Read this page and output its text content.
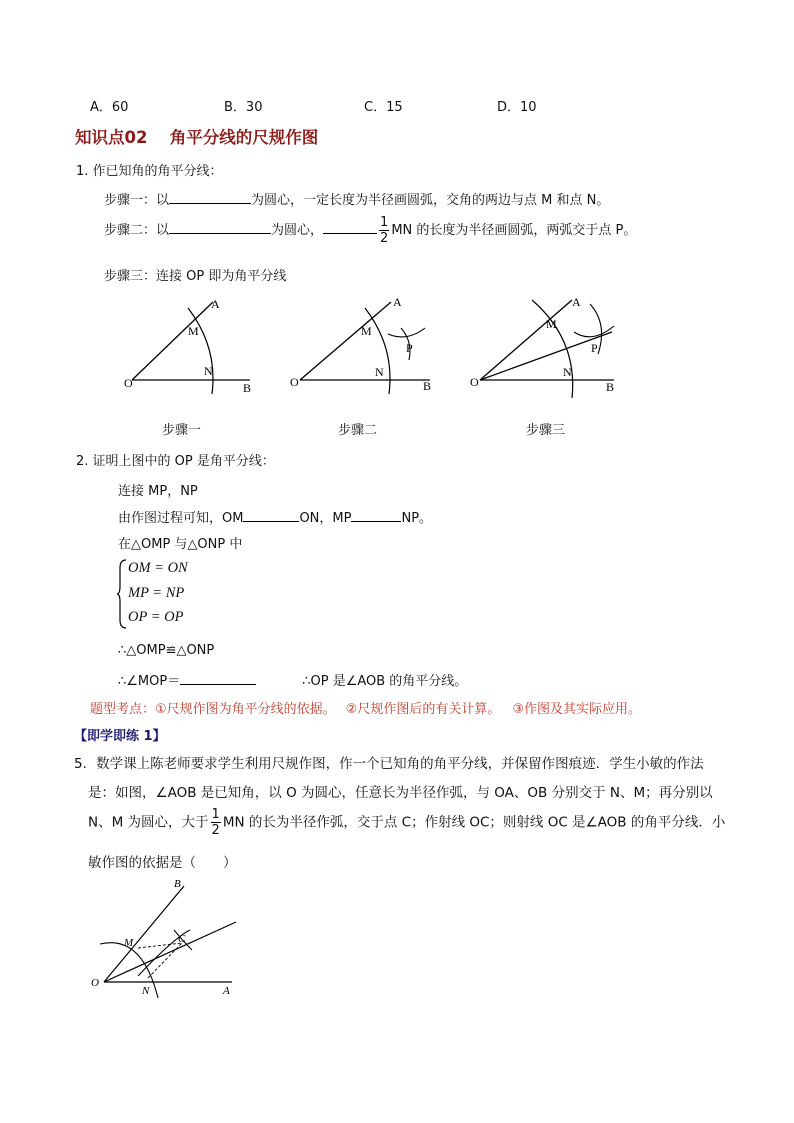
A．60	B．30	C．15	D．10
知识点02　 角平分线的尺规作图
1. 作已知角的角平分线：
步骤一：以	为圆心，一定长度为半径画圆弧，交角的两边与点 M 和点 N。
步骤二：以	为圆心，	$\frac{1}{2}$ MN 的长度为半径画圆弧，两弧交于点 P。
步骤三：连接 OP 即为角平分线
O
A
B
M
N
O
A
B
M
N
P
O
A
B
M
N
P
步骤一	步骤二	步骤三
2. 证明上图中的 OP 是角平分线：
连接 MP，NP
由作图过程可知，OM	ON，MP	NP。
在△OMP 与△ONP 中
OM = ON
MP = NP
OP = OP
∴△OMP≌△ONP
∴∠MOP＝	∴OP 是∠AOB 的角平分线。
题型考点：①尺规作图为角平分线的依据。 ②尺规作图后的有关计算。 ③作图及其实际应用。
【即学即练 1】
5．数学课上陈老师要求学生利用尺规作图，作一个已知角的角平分线，并保留作图痕迹．学生小敏的作法
是：如图，∠AOB 是已知角，以 O 为圆心，任意长为半径作弧，与 OA、OB 分别交于 N、M；再分别以
N、M 为圆心，大于 $\frac{1}{2}$ MN 的长为半径作弧，交于点 C；作射线 OC；则射线 OC 是∠AOB 的角平分线．小
敏作图的依据是（　　）
B
M	C
O
N	A
